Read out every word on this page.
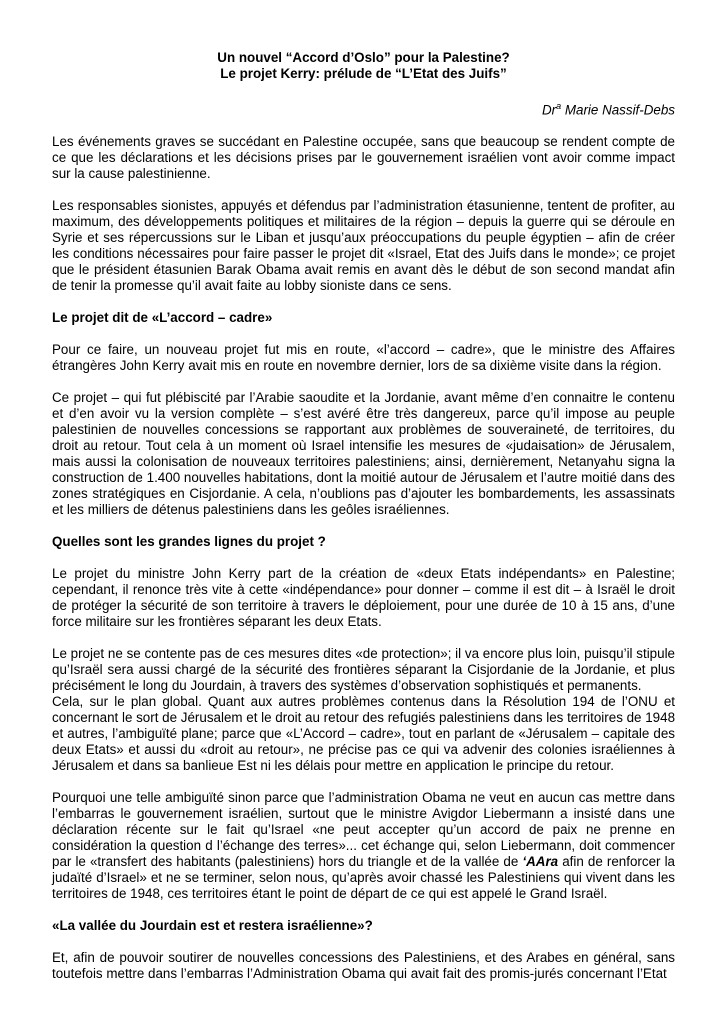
Un nouvel “Accord d’Oslo” pour la Palestine?
Le projet Kerry: prélude de “L’Etat des Juifs”
Dr$^a$ Marie Nassif-Debs

Les événements graves se succédant en Palestine occupée, sans que beaucoup se rendent compte de ce que les déclarations et les décisions prises par le gouvernement israélien vont avoir comme impact sur la cause palestinienne.

Les responsables sionistes, appuyés et défendus par l’administration étasunienne, tentent de profiter, au maximum, des développements politiques et militaires de la région – depuis la guerre qui se déroule en Syrie et ses répercussions sur le Liban et jusqu’aux préoccupations du peuple égyptien – afin de créer les conditions nécessaires pour faire passer le projet dit «Israel, Etat des Juifs dans le monde»; ce projet que le président étasunien Barak Obama avait remis en avant dès le début de son second mandat afin de tenir la promesse qu’il avait faite au lobby sioniste dans ce sens.

Le projet dit de «L’accord – cadre»

Pour ce faire, un nouveau projet fut mis en route, «l’accord – cadre», que le ministre des Affaires étrangères John Kerry avait mis en route en novembre dernier, lors de sa dixième visite dans la région.

Ce projet – qui fut plébiscité par l’Arabie saoudite et la Jordanie, avant même d’en connaitre le contenu et d’en avoir vu la version complète – s’est avéré être très dangereux, parce qu’il impose au peuple palestinien de nouvelles concessions se rapportant aux problèmes de souveraineté, de territoires, du droit au retour. Tout cela à un moment où Israel intensifie les mesures de «judaisation» de Jérusalem, mais aussi la colonisation de nouveaux territoires palestiniens; ainsi, dernièrement, Netanyahu signa la construction de 1.400 nouvelles habitations, dont la moitié autour de Jérusalem et l’autre moitié dans des zones stratégiques en Cisjordanie. A cela, n’oublions pas d’ajouter les bombardements, les assassinats et les milliers de détenus palestiniens dans les geôles israéliennes.

Quelles sont les grandes lignes du projet ?

Le projet du ministre John Kerry part de la création de «deux Etats indépendants» en Palestine; cependant, il renonce très vite à cette «indépendance» pour donner – comme il est dit – à Israël le droit de protéger la sécurité de son territoire à travers le déploiement, pour une durée de 10 à 15 ans, d’une force militaire sur les frontières séparant les deux Etats.

Le projet ne se contente pas de ces mesures dites «de protection»; il va encore plus loin, puisqu’il stipule qu’Israël sera aussi chargé de la sécurité des frontières séparant la Cisjordanie de la Jordanie, et plus précisément le long du Jourdain, à travers des systèmes d’observation sophistiqués et permanents.

Cela, sur le plan global. Quant aux autres problèmes contenus dans la Résolution 194 de l’ONU et concernant le sort de Jérusalem et le droit au retour des refugiés palestiniens dans les territoires de 1948 et autres, l’ambiguïté plane; parce que «L’Accord – cadre», tout en parlant de «Jérusalem – capitale des deux Etats» et aussi du «droit au retour», ne précise pas ce qui va advenir des colonies israéliennes à Jérusalem et dans sa banlieue Est ni les délais pour mettre en application le principe du retour.

Pourquoi une telle ambiguïté sinon parce que l’administration Obama ne veut en aucun cas mettre dans l’embarras le gouvernement israélien, surtout que le ministre Avigdor Liebermann a insisté dans une déclaration récente sur le fait qu’Israel «ne peut accepter qu’un accord de paix ne prenne en considération la question d l’échange des terres»... cet échange qui, selon Liebermann, doit commencer par le «transfert des habitants (palestiniens) hors du triangle et de la vallée de ‘AAra afin de renforcer la judaïté d’Israel» et ne se terminer, selon nous, qu’après avoir chassé les Palestiniens qui vivent dans les territoires de 1948, ces territoires étant le point de départ de ce qui est appelé le Grand Israël.

«La vallée du Jourdain est et restera israélienne»?

Et, afin de pouvoir soutirer de nouvelles concessions des Palestiniens, et des Arabes en général, sans toutefois mettre dans l’embarras l’Administration Obama qui avait fait des promis-jurés concernant l’Etat
